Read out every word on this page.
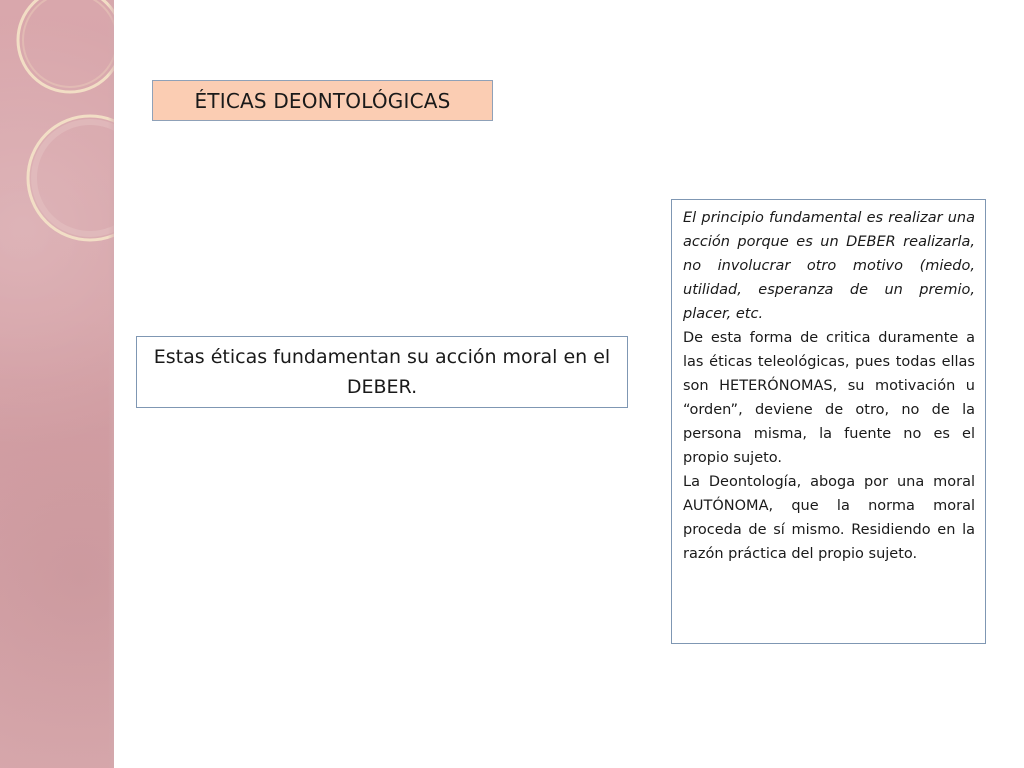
ÉTICAS DEONTOLÓGICAS
Estas éticas fundamentan su acción moral en el DEBER.

El principio fundamental es realizar una acción porque es un DEBER realizarla, no involucrar otro motivo (miedo, utilidad, esperanza de un premio, placer, etc.

De esta forma de critica duramente a las éticas teleológicas, pues todas ellas son HETERÓNOMAS, su motivación u “orden”, deviene de otro, no de la persona misma, la fuente no es el propio sujeto.

La Deontología, aboga por una moral AUTÓNOMA, que la norma moral proceda de sí mismo. Residiendo en la razón práctica del propio sujeto.
